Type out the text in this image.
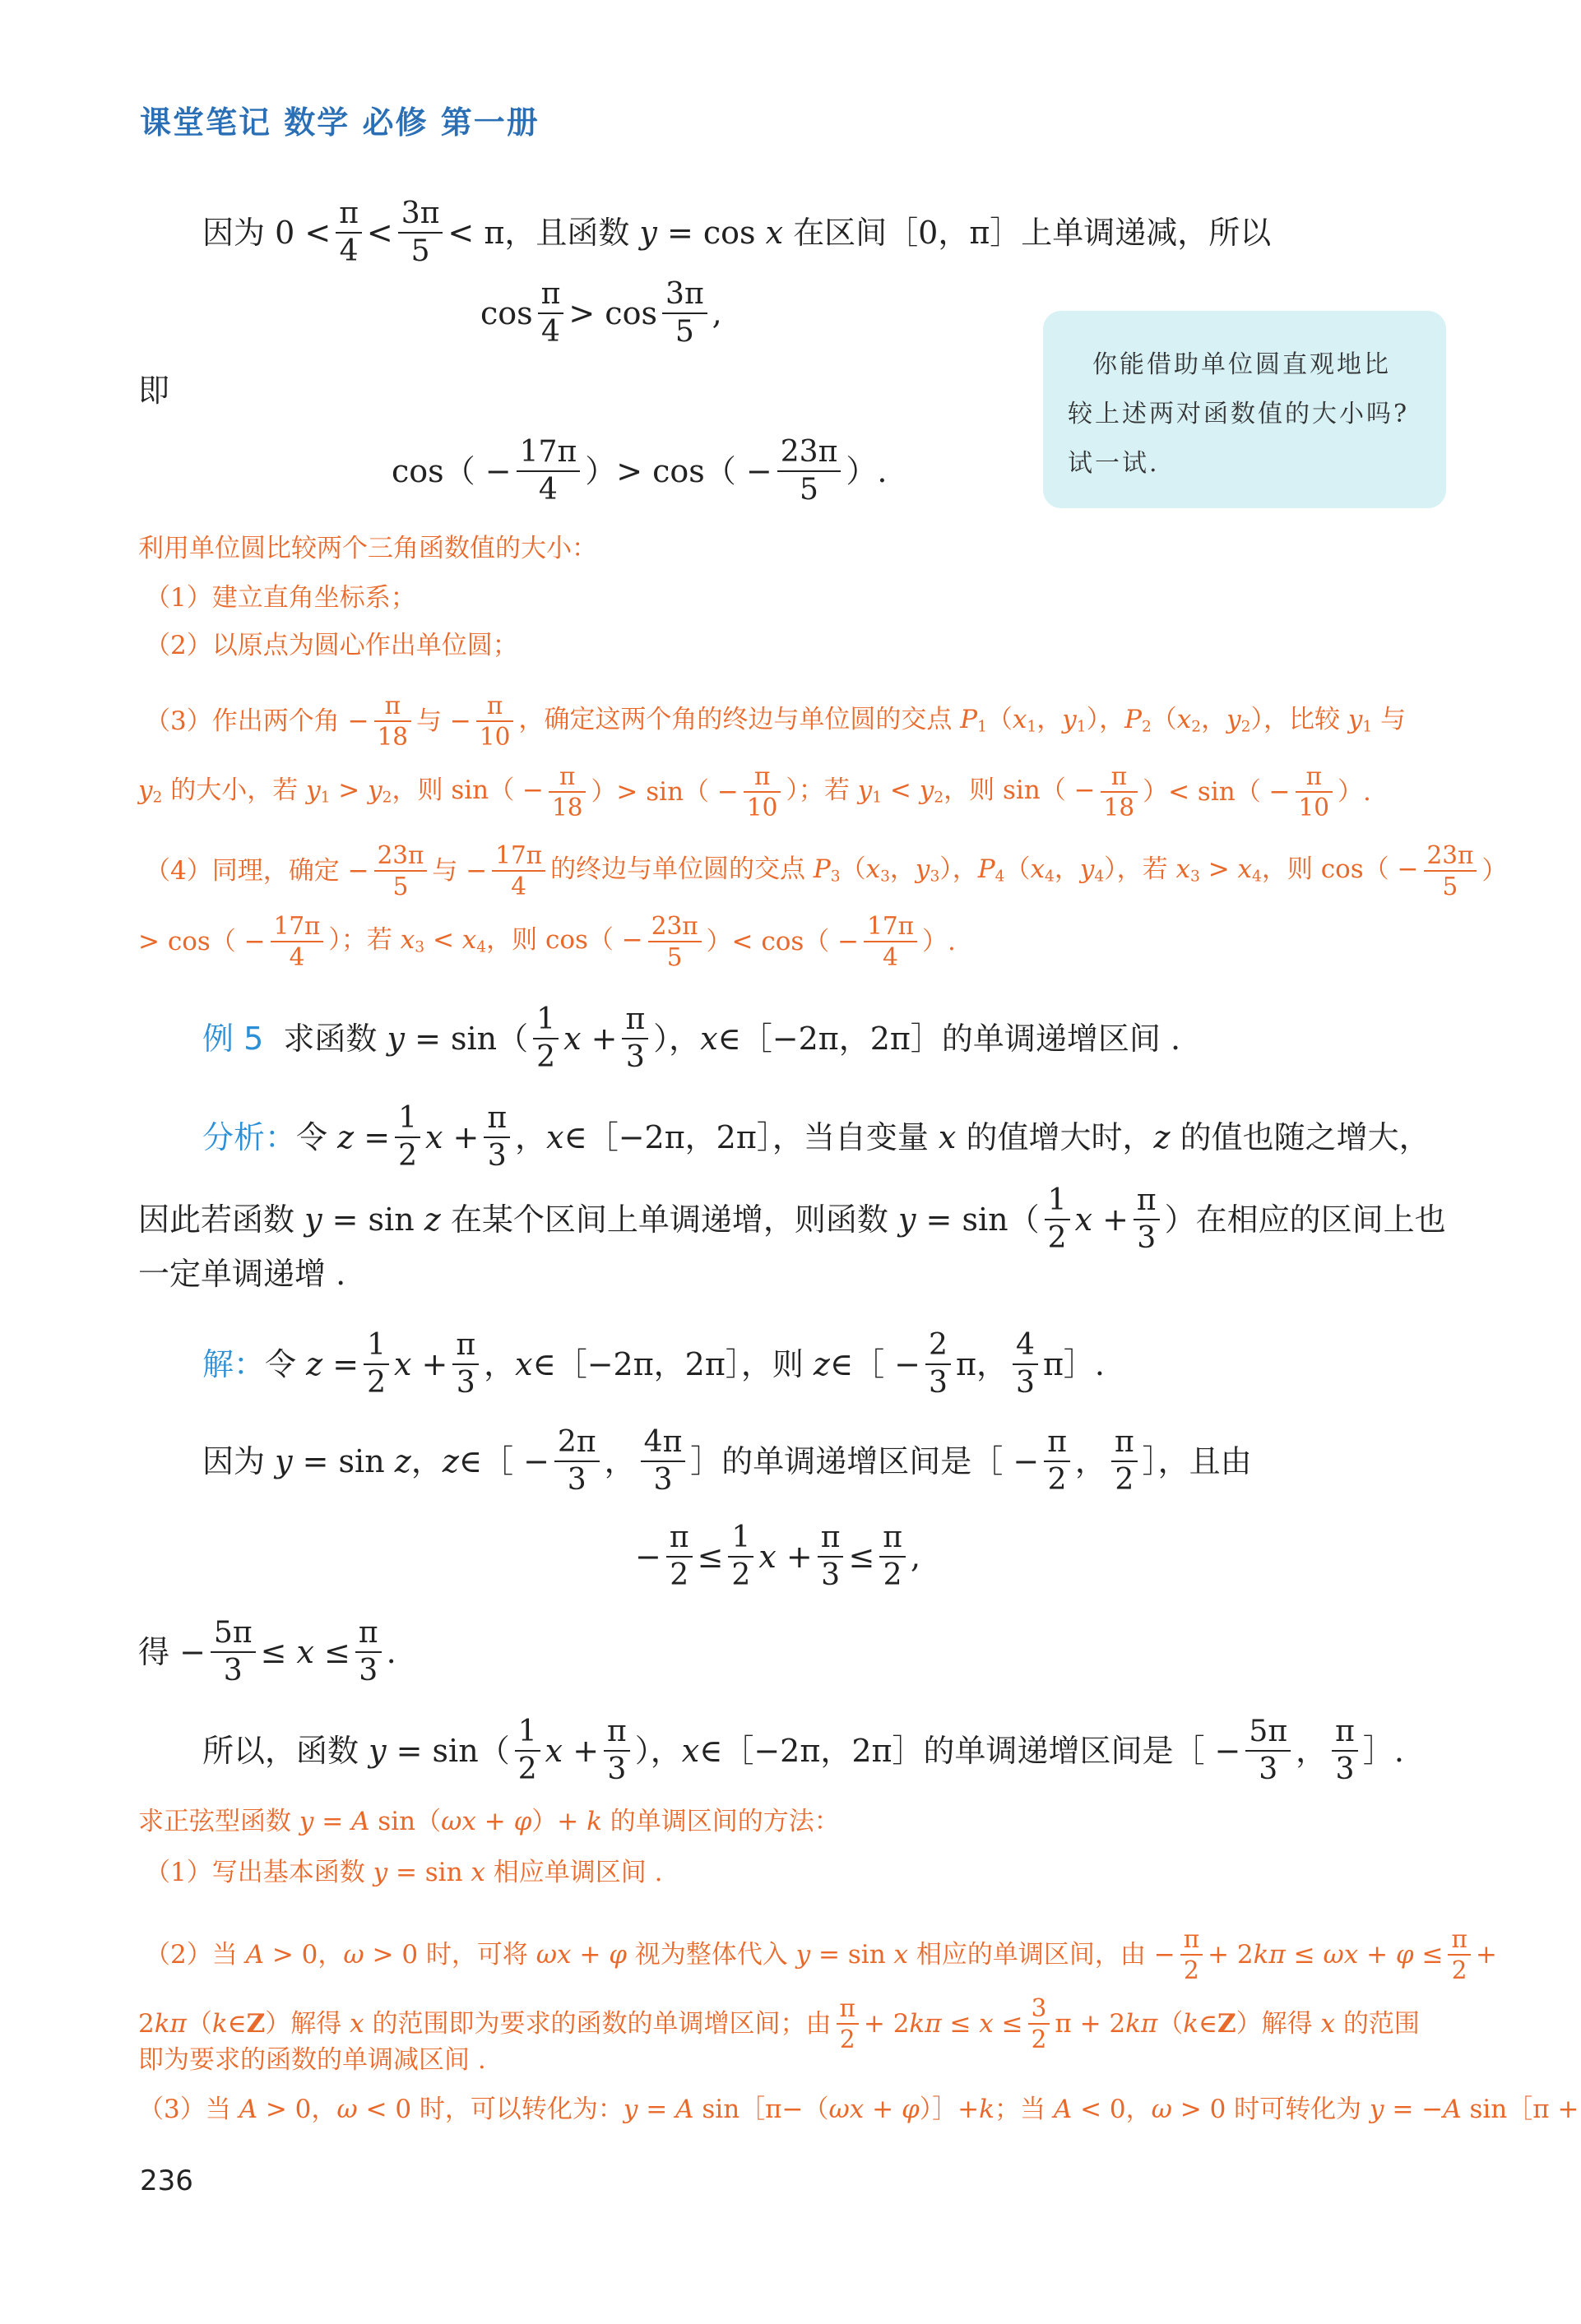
课堂笔记 数学 必修 第一册
因为 $0 < \frac{\pi}{4} < \frac{3\pi}{5} < \pi$，且函数 y = cos x 在区间［0，π］上单调递减，所以
$\cos \frac{\pi}{4} > \cos \frac{3\pi}{5}$ ,
你能借助单位圆直观地比
较上述两对函数值的大小吗?
试一试.
即
$\cos( - \frac{17\pi}{4}$ ）> $\cos( - \frac{23\pi}{5}$ ）.
利用单位圆比较两个三角函数值的大小：
（1）建立直角坐标系；
（2）以原点为圆心作出单位圆；
（3）作出两个角 − $\frac{\pi}{18}$ 与 − $\frac{\pi}{10}$ ，确定这两个角的终边与单位圆的交点 $P_1(x_1$，$y_1$），$P_2(x_2$，$y_2$），比较 $y_1$ 与
$y_2$ 的大小，若 $y_1 > y_2$，则 $\sin( - \frac{\pi}{18}$ ）> $\sin( - \frac{\pi}{10}$ ）；若 $y_1 < y_2$，则 $\sin( - \frac{\pi}{18}$ ）< $\sin( - \frac{\pi}{10}$ ）.
（4）同理，确定 − $\frac{23\pi}{5}$ 与 − $\frac{17\pi}{4}$ 的终边与单位圆的交点 $P_3(x_3$，$y_3$），$P_4(x_4$，$y_4$），若 $x_3 > x_4$，则 $\cos( - \frac{23\pi}{5}$ ）
> $\cos( - \frac{17\pi}{4}$ ）；若 $x_3 < x_4$，则 $\cos( - \frac{23\pi}{5}$ ）< $\cos( - \frac{17\pi}{4}$ ）.
例 5 求函数 $y = \sin( \frac{1}{2}$ $x + \frac{\pi}{3}$ ），x∈［−2π，2π］的单调递增区间 .
分析： 令 $z = \frac{1}{2}$ $x + \frac{\pi}{3}$ ，x∈［−2π，2π］，当自变量 x 的值增大时，z 的值也随之增大，
因此若函数 y = sin z 在某个区间上单调递增，则函数 $y = \sin( \frac{1}{2}$ $x + \frac{\pi}{3}$ ）在相应的区间上也
一定单调递增 .
解： 令 $z = \frac{1}{2}$ $x + \frac{\pi}{3}$ ，x∈［−2π，2π］，则 z∈［ − $\frac{2}{3}$ π， $\frac{4}{3}$ π］.
因为 y = sin z，z∈［ − $\frac{2\pi}{3}$ ， $\frac{4\pi}{3}$ ］的单调递增区间是［ − $\frac{\pi}{2}$ ， $\frac{\pi}{2}$ ］，且由
− $\frac{\pi}{2} \le \frac{1}{2}$ $x + \frac{\pi}{3} \le \frac{\pi}{2}$ ,
得 − $\frac{5\pi}{3} \le x \le \frac{\pi}{3}$ .
所以，函数 $y = \sin( \frac{1}{2}$ $x + \frac{\pi}{3}$ ），x∈［−2π，2π］的单调递增区间是［ − $\frac{5\pi}{3}$ ， $\frac{\pi}{3}$ ］.
求正弦型函数 y = A sin（ωx + φ）+ k 的单调区间的方法：
（1）写出基本函数 y = sin x 相应单调区间 .
（2）当 A > 0，ω > 0 时，可将 ωx + φ 视为整体代入 y = sin x 相应的单调区间，由 − $\frac{\pi}{2} + 2k\pi \le \omega x + \varphi \le \frac{\pi}{2}$ +
2kπ（k∈Z）解得 x 的范围即为要求的函数的单调增区间；由 $\frac{\pi}{2} + 2k\pi \le x \le \frac{3}{2}$ π + 2kπ（k∈Z）解得 x 的范围
即为要求的函数的单调减区间 .
（3）当 A > 0，ω < 0 时，可以转化为：y = A sin［π−（ωx + φ）］+k；当 A < 0，ω > 0 时可转化为 y = −A sin［π +
236
